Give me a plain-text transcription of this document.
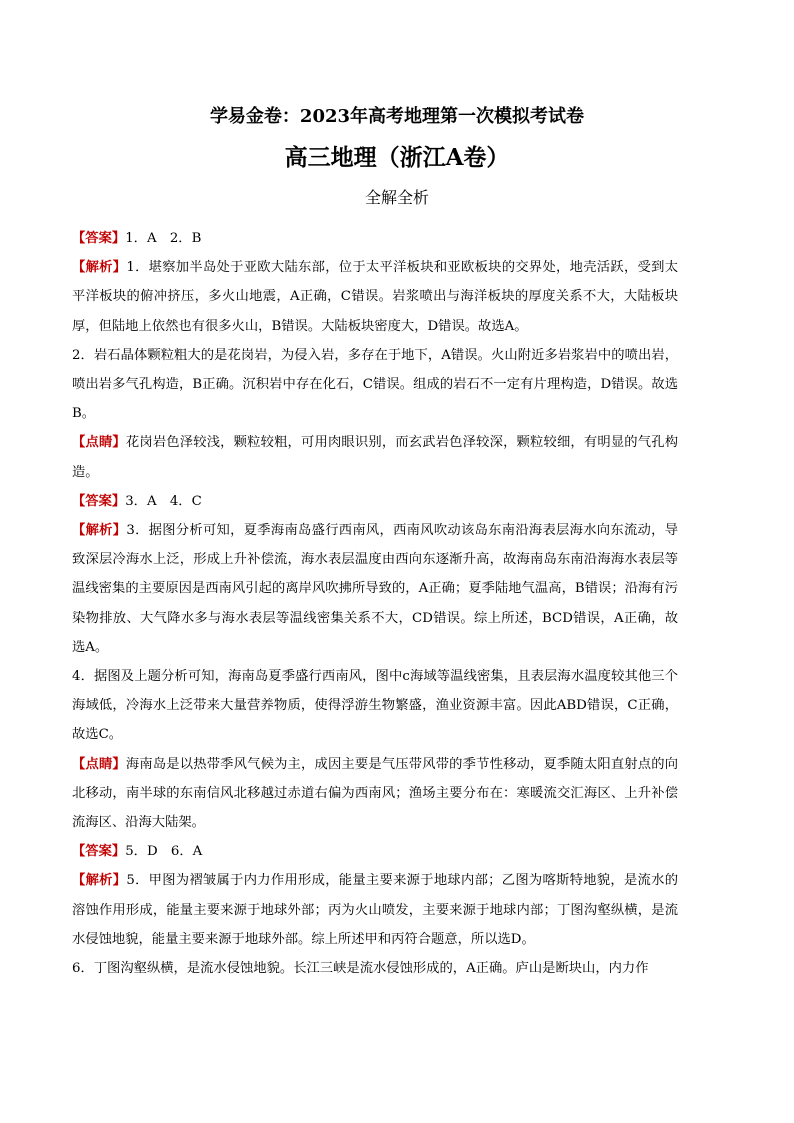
学易金卷：2023年高考地理第一次模拟考试卷
高三地理（浙江A卷）
全解全析

【答案】1．A　2．B

【解析】1．堪察加半岛处于亚欧大陆东部，位于太平洋板块和亚欧板块的交界处，地壳活跃，受到太平洋板块的俯冲挤压，多火山地震，A正确，C错误。岩浆喷出与海洋板块的厚度关系不大，大陆板块厚，但陆地上依然也有很多火山，B错误。大陆板块密度大，D错误。故选A。

2．岩石晶体颗粒粗大的是花岗岩，为侵入岩，多存在于地下，A错误。火山附近多岩浆岩中的喷出岩，喷出岩多气孔构造，B正确。沉积岩中存在化石，C错误。组成的岩石不一定有片理构造，D错误。故选B。

【点睛】花岗岩色泽较浅，颗粒较粗，可用肉眼识别，而玄武岩色泽较深，颗粒较细，有明显的气孔构造。

【答案】3．A　4．C

【解析】3．据图分析可知，夏季海南岛盛行西南风，西南风吹动该岛东南沿海表层海水向东流动，导致深层冷海水上泛，形成上升补偿流，海水表层温度由西向东逐渐升高，故海南岛东南沿海海水表层等温线密集的主要原因是西南风引起的离岸风吹拂所导致的，A正确；夏季陆地气温高，B错误；沿海有污染物排放、大气降水多与海水表层等温线密集关系不大，CD错误。综上所述，BCD错误，A正确，故选A。

4．据图及上题分析可知，海南岛夏季盛行西南风，图中c海域等温线密集，且表层海水温度较其他三个海域低，冷海水上泛带来大量营养物质，使得浮游生物繁盛，渔业资源丰富。因此ABD错误，C正确，故选C。

【点睛】海南岛是以热带季风气候为主，成因主要是气压带风带的季节性移动，夏季随太阳直射点的向北移动，南半球的东南信风北移越过赤道右偏为西南风；渔场主要分布在：寒暖流交汇海区、上升补偿流海区、沿海大陆架。

【答案】5．D　6．A

【解析】5．甲图为褶皱属于内力作用形成，能量主要来源于地球内部；乙图为喀斯特地貌，是流水的溶蚀作用形成，能量主要来源于地球外部；丙为火山喷发，主要来源于地球内部；丁图沟壑纵横，是流水侵蚀地貌，能量主要来源于地球外部。综上所述甲和丙符合题意，所以选D。

6．丁图沟壑纵横，是流水侵蚀地貌。长江三峡是流水侵蚀形成的，A正确。庐山是断块山，内力作
